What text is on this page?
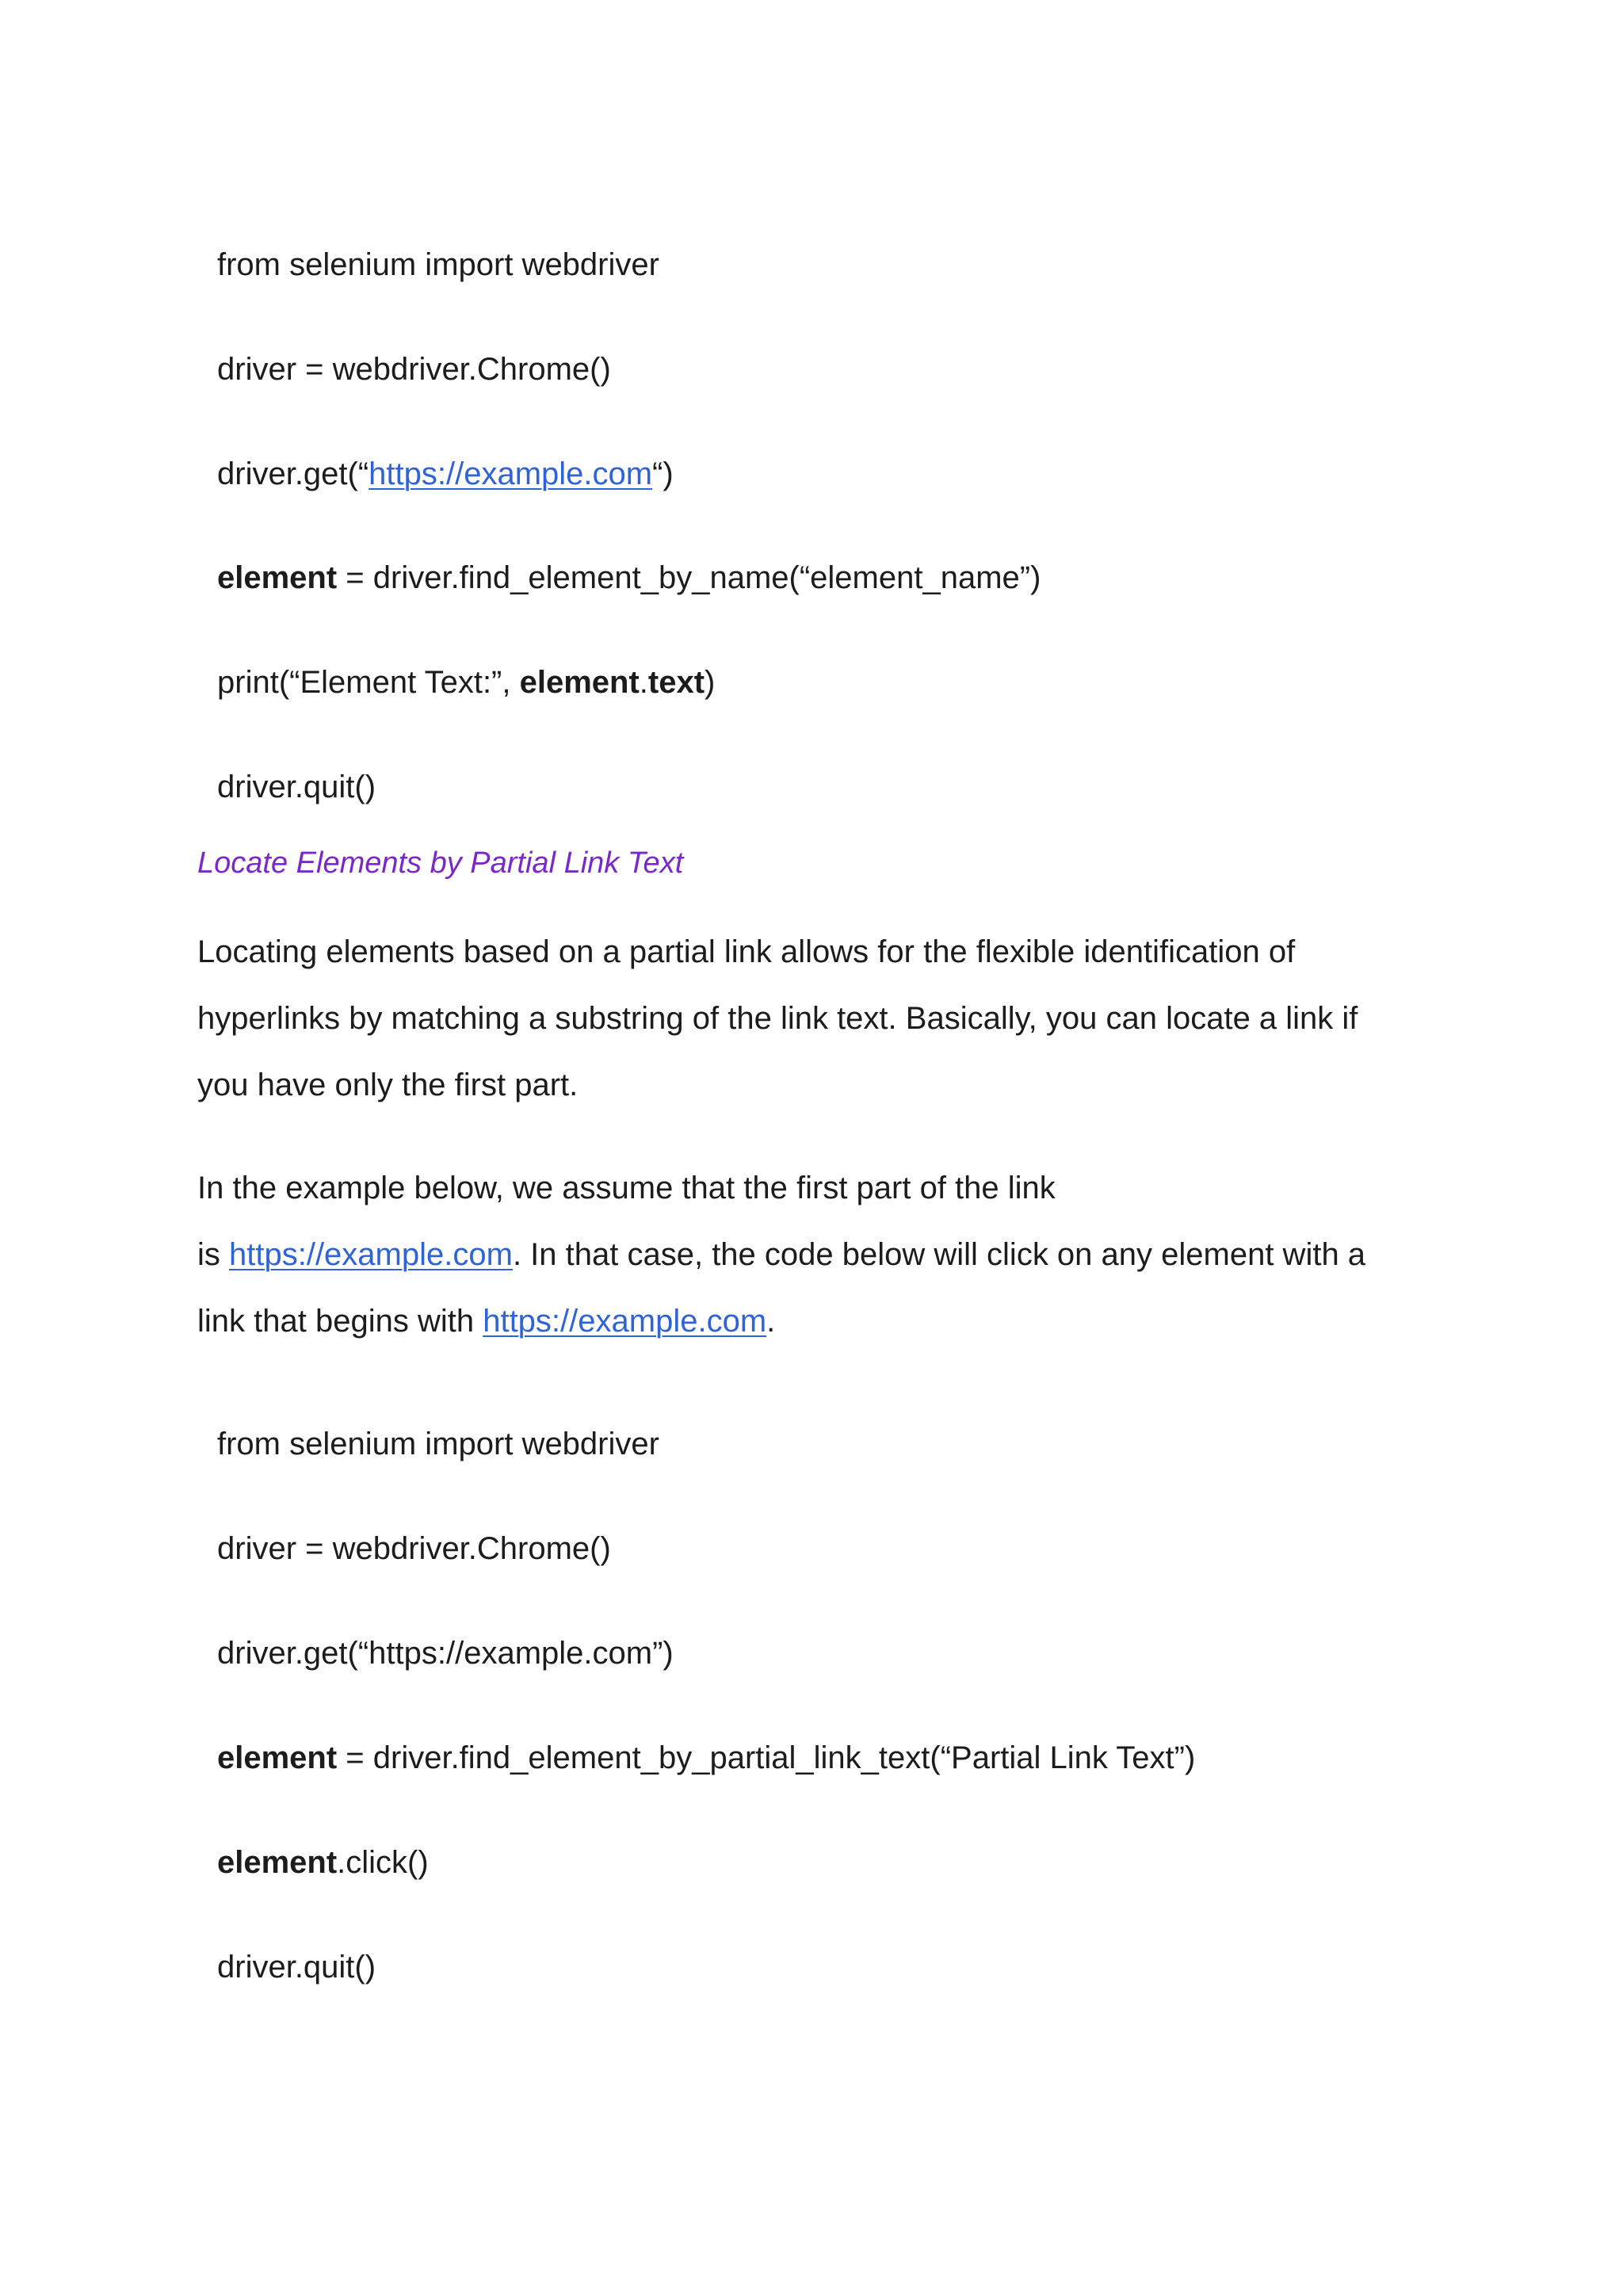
from selenium import webdriver
driver = webdriver.Chrome()
driver.get(“https://example.com“)
element = driver.find_element_by_name(“element_name”)
print(“Element Text:”, element.text)
driver.quit()
Locate Elements by Partial Link Text
Locating elements based on a partial link allows for the flexible identification of
hyperlinks by matching a substring of the link text. Basically, you can locate a link if
you have only the first part.
In the example below, we assume that the first part of the link
is https://example.com. In that case, the code below will click on any element with a
link that begins with https://example.com.
from selenium import webdriver
driver = webdriver.Chrome()
driver.get(“https://example.com”)
element = driver.find_element_by_partial_link_text(“Partial Link Text”)
element.click()
driver.quit()
